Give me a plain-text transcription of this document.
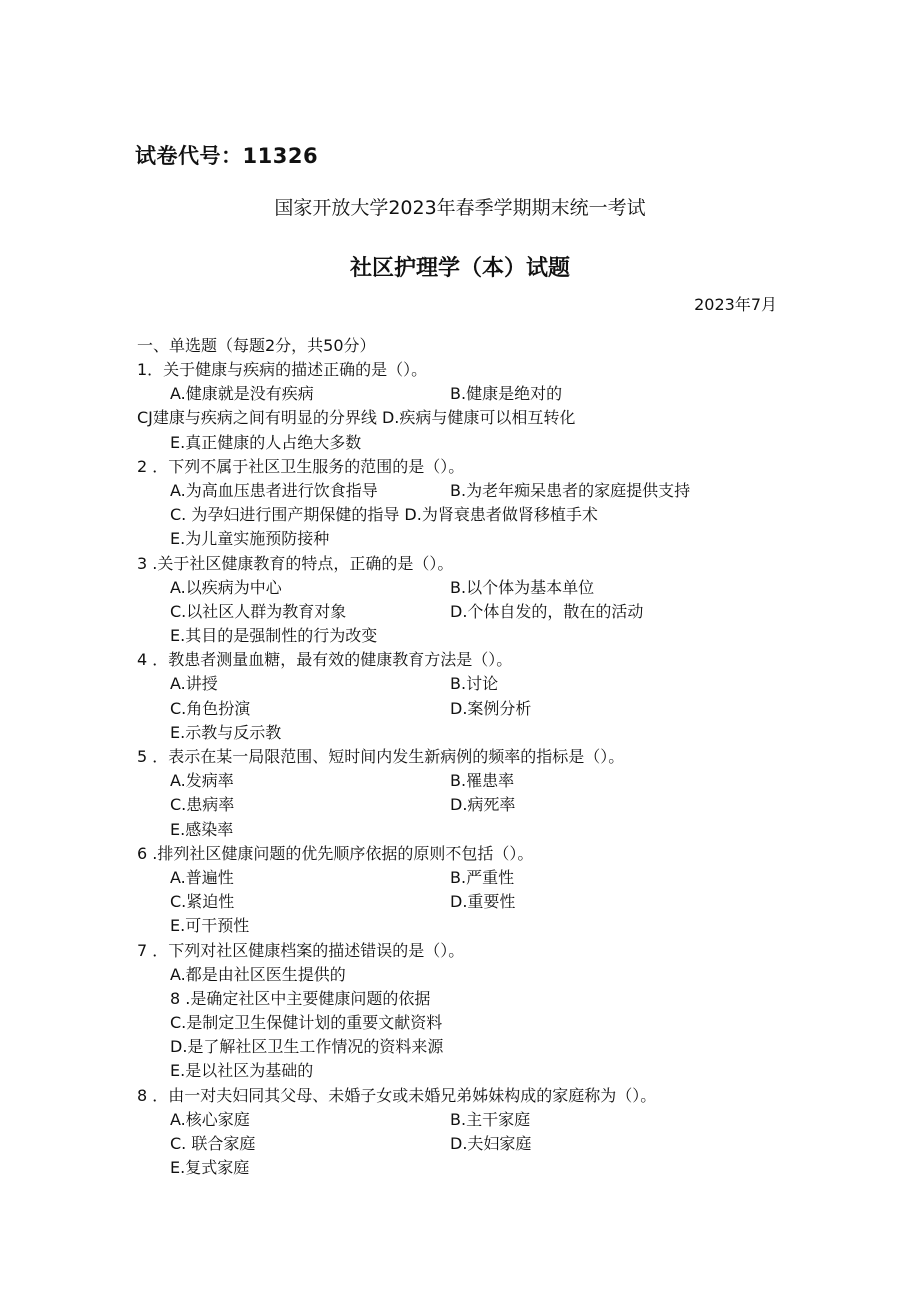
试卷代号：11326
国家开放大学2023年春季学期期末统一考试
社区护理学（本）试题
2023年7月
一、单选题（每题2分，共50分）
1．关于健康与疾病的描述正确的是（）。
A.健康就是没有疾病	B.健康是绝对的
CJ建康与疾病之间有明显的分界线 D.疾病与健康可以相互转化
E.真正健康的人占绝大多数
2 ．下列不属于社区卫生服务的范围的是（）。
A.为高血压患者进行饮食指导	B.为老年痴呆患者的家庭提供支持
C. 为孕妇进行围产期保健的指导 D.为肾衰患者做肾移植手术
E.为儿童实施预防接种
3 .关于社区健康教育的特点，正确的是（）。
A.以疾病为中心	B.以个体为基本单位
C.以社区人群为教育对象	D.个体自发的，散在的活动
E.其目的是强制性的行为改变
4 ．教患者测量血糖，最有效的健康教育方法是（）。
A.讲授	B.讨论
C.角色扮演	D.案例分析
E.示教与反示教
5 ．表示在某一局限范围、短时间内发生新病例的频率的指标是（）。
A.发病率	B.罹患率
C.患病率	D.病死率
E.感染率
6 .排列社区健康问题的优先顺序依据的原则不包括（）。
A.普遍性	B.严重性
C.紧迫性	D.重要性
E.可干预性
7 ．下列对社区健康档案的描述错误的是（）。
A.都是由社区医生提供的
8 .是确定社区中主要健康问题的依据
C.是制定卫生保健计划的重要文献资料
D.是了解社区卫生工作情况的资料来源
E.是以社区为基础的
8 ．由一对夫妇同其父母、未婚子女或未婚兄弟姊妹构成的家庭称为（）。
A.核心家庭	B.主干家庭
C. 联合家庭	D.夫妇家庭
E.复式家庭
